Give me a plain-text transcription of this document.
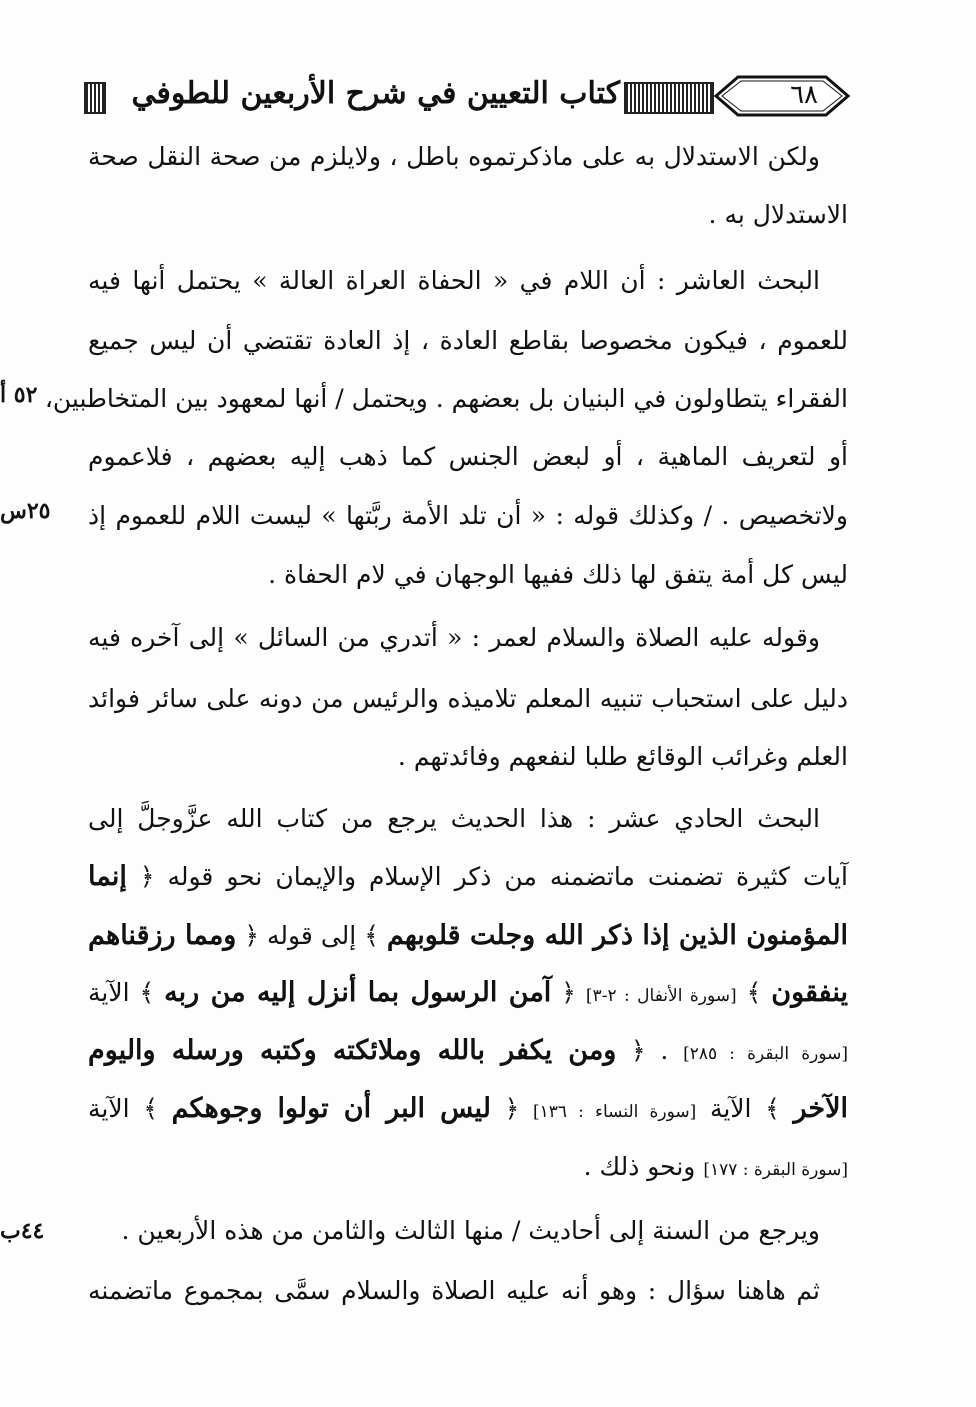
٦٨
كتاب التعيين في شرح الأربعين للطوفي
٥٢ أ
٢٥س
٤٤ب
ولكن الاستدلال به على ماذكرتموه باطل ، ولايلزم من صحة النقل صحة
الاستدلال به .
البحث العاشر : أن اللام في « الحفاة العراة العالة » يحتمل أنها فيه
للعموم ، فيكون مخصوصا بقاطع العادة ، إذ العادة تقتضي أن ليس جميع
الفقراء يتطاولون في البنيان بل بعضهم . ويحتمل / أنها لمعهود بين المتخاطبين،
أو لتعريف الماهية ، أو لبعض الجنس كما ذهب إليه بعضهم ، فلاعموم
ولاتخصيص . / وكذلك قوله : « أن تلد الأمة ربَّتها » ليست اللام للعموم إذ
ليس كل أمة يتفق لها ذلك ففيها الوجهان في لام الحفاة .
وقوله عليه الصلاة والسلام لعمر : « أتدري من السائل » إلى آخره فيه
دليل على استحباب تنبيه المعلم تلاميذه والرئيس من دونه على سائر فوائد
العلم وغرائب الوقائع طلبا لنفعهم وفائدتهم .
البحث الحادي عشر : هذا الحديث يرجع من كتاب الله عزَّوجلَّ إلى
آيات كثيرة تضمنت ماتضمنه من ذكر الإسلام والإيمان نحو قوله ﴿ إنما
المؤمنون الذين إذا ذكر الله وجلت قلوبهم ﴾ إلى قوله ﴿ ومما رزقناهم
ينفقون ﴾ [سورة الأنفال : ٢-٣] ﴿ آمن الرسول بما أنزل إليه من ربه ﴾ الآية
[سورة البقرة : ٢٨٥] . ﴿ ومن يكفر بالله وملائكته وكتبه ورسله واليوم
الآخر ﴾ الآية [سورة النساء : ١٣٦] ﴿ ليس البر أن تولوا وجوهكم ﴾ الآية
[سورة البقرة : ١٧٧] ونحو ذلك .
ويرجع من السنة إلى أحاديث / منها الثالث والثامن من هذه الأربعين .
ثم هاهنا سؤال : وهو أنه عليه الصلاة والسلام سمَّى بمجموع ماتضمنه
